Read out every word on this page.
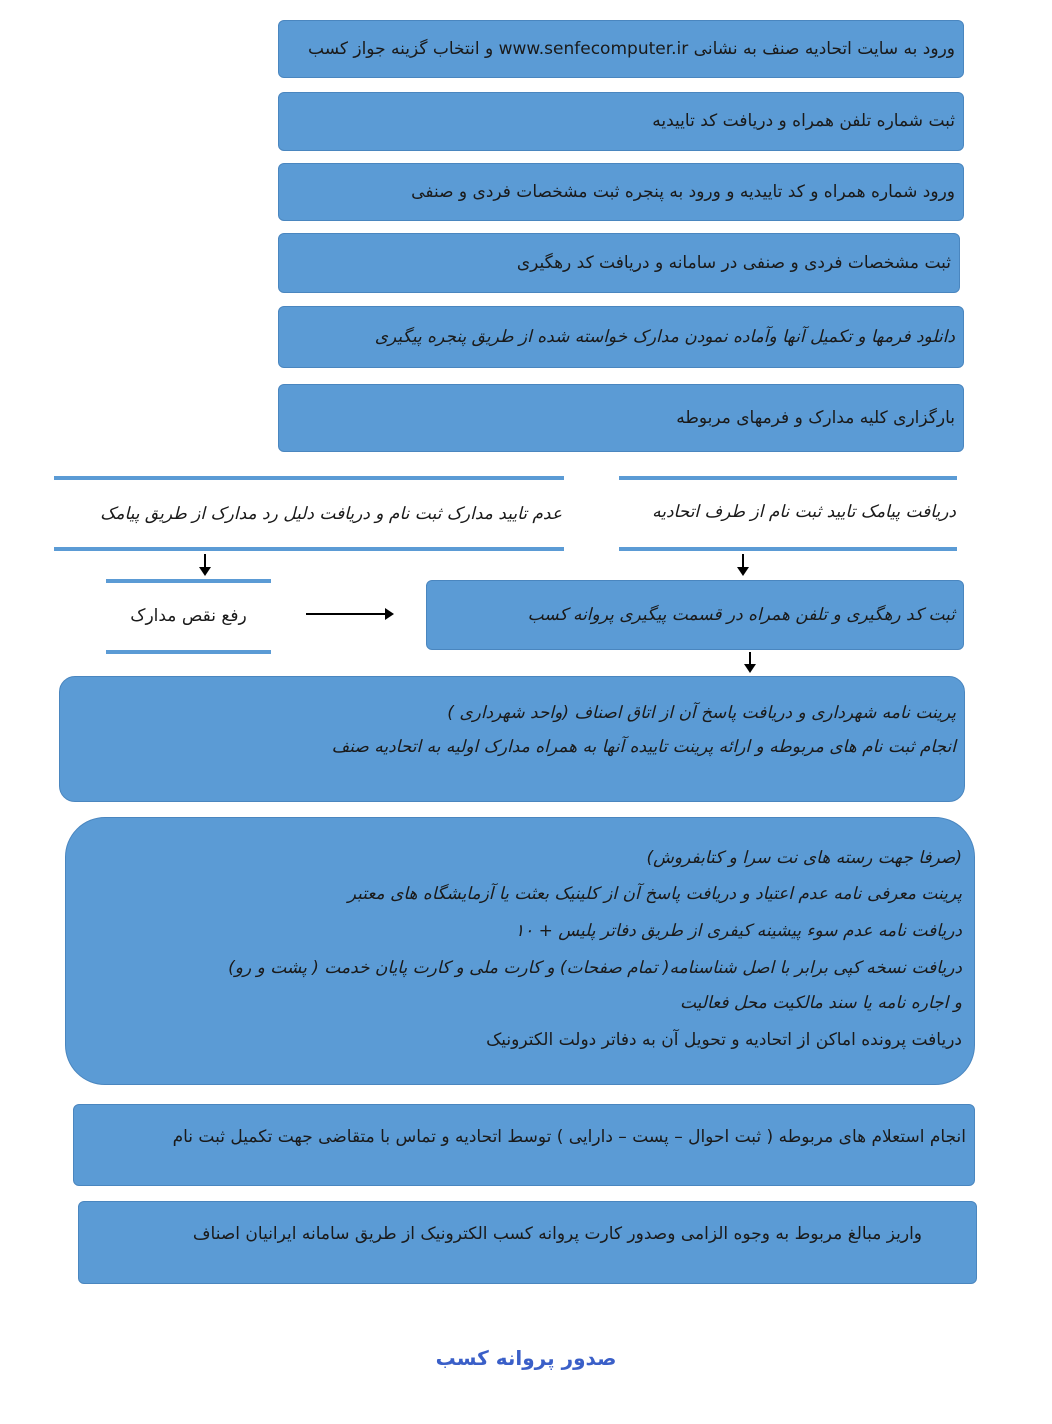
ورود به سایت اتحادیه صنف به نشانی www.senfecomputer.ir و انتخاب گزینه جواز کسب
ثبت شماره تلفن همراه و دریافت کد تاییدیه
ورود شماره همراه و کد تاییدیه و ورود به پنجره ثبت مشخصات فردی و صنفی
ثبت مشخصات فردی و صنفی در سامانه و دریافت کد رهگیری
دانلود فرمها و تکمیل آنها وآماده نمودن مدارک خواسته شده از طریق پنجره پیگیری
بارگزاری کلیه مدارک و فرمهای مربوطه
دریافت پیامک تایید ثبت نام از طرف اتحادیه
عدم تایید مدارک ثبت نام و دریافت دلیل رد مدارک از طریق پیامک
رفع نقص مدارک	ثبت کد رهگیری و تلفن همراه در قسمت پیگیری پروانه کسب
پرینت نامه شهرداری و دریافت پاسخ آن از اتاق اصناف (واحد شهرداری )
انجام ثبت نام های مربوطه و ارائه پرینت تاییده آنها به همراه مدارک اولیه به اتحادیه صنف
(صرفا جهت رسته های نت سرا و کتابفروش)
پرینت معرفی نامه عدم اعتیاد و دریافت پاسخ آن از کلینیک بعثت یا آزمایشگاه های معتبر
دریافت نامه عدم سوء پیشینه کیفری از طریق دفاتر پلیس + ۱۰
دریافت نسخه کپی برابر با اصل شناسنامه( تمام صفحات) و کارت ملی و کارت پایان خدمت ( پشت و رو)
و اجاره نامه یا سند مالکیت محل فعالیت
دریافت پرونده اماکن از اتحادیه و تحویل آن به دفاتر دولت الکترونیک
انجام استعلام های مربوطه ( ثبت احوال – پست – دارایی ) توسط اتحادیه و تماس با متقاضی جهت تکمیل ثبت نام
واریز مبالغ مربوط به وجوه الزامی وصدور کارت پروانه کسب الکترونیک از طریق سامانه ایرانیان اصناف
صدور پروانه کسب
